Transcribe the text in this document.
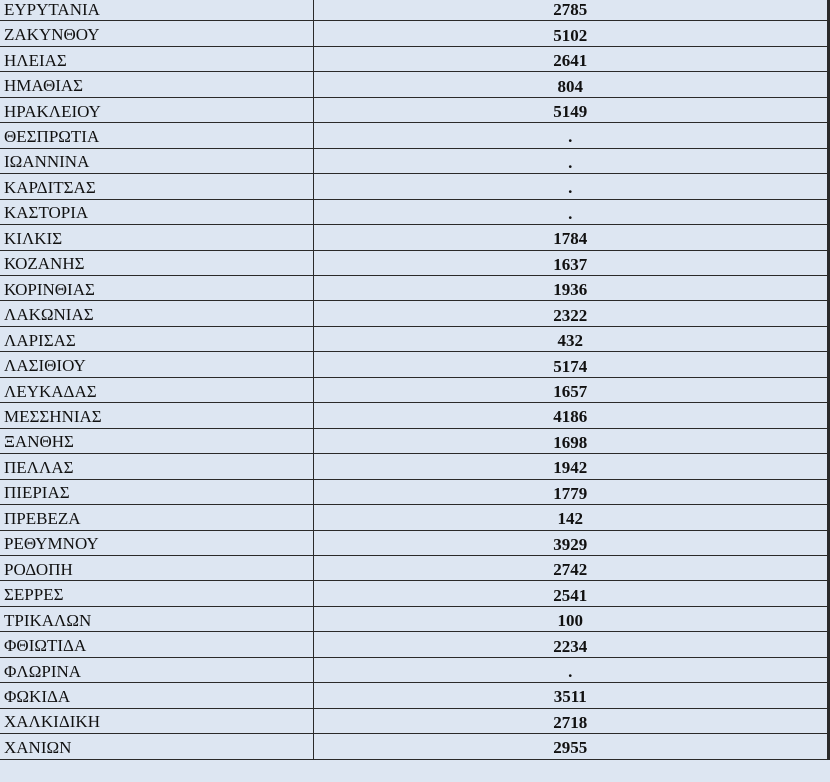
ΕΥΡΥΤΑΝΙΑ	2785
ΖΑΚΥΝΘΟΥ	5102
ΗΛΕΙΑΣ	2641
ΗΜΑΘΙΑΣ	804
ΗΡΑΚΛΕΙΟΥ	5149
ΘΕΣΠΡΩΤΙΑ	.
ΙΩΑΝΝΙΝΑ	.
ΚΑΡΔΙΤΣΑΣ	.
ΚΑΣΤΟΡΙΑ	.
ΚΙΛΚΙΣ	1784
ΚΟΖΑΝΗΣ	1637
ΚΟΡΙΝΘΙΑΣ	1936
ΛΑΚΩΝΙΑΣ	2322
ΛΑΡΙΣΑΣ	432
ΛΑΣΙΘΙΟΥ	5174
ΛΕΥΚΑΔΑΣ	1657
ΜΕΣΣΗΝΙΑΣ	4186
ΞΑΝΘΗΣ	1698
ΠΕΛΛΑΣ	1942
ΠΙΕΡΙΑΣ	1779
ΠΡΕΒΕΖΑ	142
ΡΕΘΥΜΝΟΥ	3929
ΡΟΔΟΠΗ	2742
ΣΕΡΡΕΣ	2541
ΤΡΙΚΑΛΩΝ	100
ΦΘΙΩΤΙΔΑ	2234
ΦΛΩΡΙΝΑ	.
ΦΩΚΙΔΑ	3511
ΧΑΛΚΙΔΙΚΗ	2718
ΧΑΝΙΩΝ	2955
